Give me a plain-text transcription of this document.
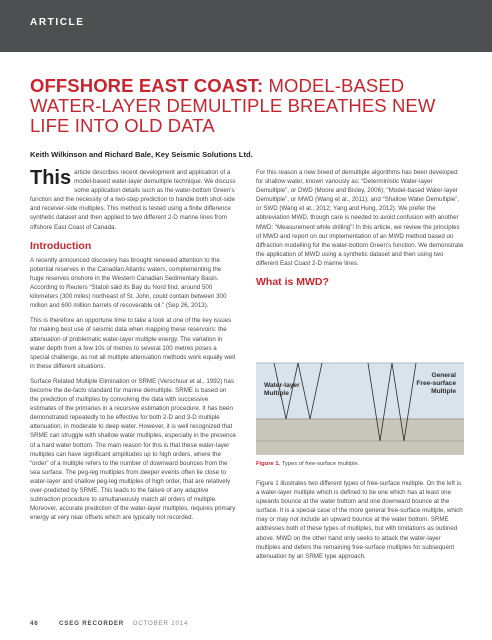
ARTICLE
OFFSHORE EAST COAST: MODEL-BASED WATER-LAYER DEMULTIPLE BREATHES NEW LIFE INTO OLD DATA
Keith Wilkinson and Richard Bale, Key Seismic Solutions Ltd.

This article describes recent development and application of a model-based water-layer demultiple technique. We discuss some application details such as the water-bottom Green’s function and the necessity of a two-step prediction to handle both shot-side and receiver-side multiples. This method is tested using a finite difference synthetic dataset and then applied to two different 2-D marine lines from offshore East Coast of Canada.

Introduction

A recently announced discovery has brought renewed attention to the potential reserves in the Canadian Atlantic waters, complementing the huge reserves onshore in the Western Canadian Sedimentary Basin. According to Reuters “Statoil said its Bay du Nord find, around 500 kilometers (300 miles) northeast of St. John, could contain between 300 million and 600 million barrels of recoverable oil.” (Sep 26, 2013).

This is therefore an opportune time to take a look at one of the key issues for making best use of seismic data when mapping these reservoirs: the attenuation of problematic water-layer multiple energy. The variation in water depth from a few 10s of metres to several 100 metres poses a special challenge, as not all multiple attenuation methods work equally well in these different situations.

Surface Related Multiple Elimination or SRME (Verschuur et al., 1992) has become the de-facto standard for marine demultiple. SRME is based on the prediction of multiples by convolving the data with successive estimates of the primaries in a recursive estimation procedure. It has been demonstrated repeatedly to be effective for both 2-D and 3-D multiple attenuation, in moderate to deep water. However, it is well recognized that SRME can struggle with shallow water multiples, especially in the presence of a hard water bottom. The main reason for this is that these water-layer multiples can have significant amplitudes up to high orders, where the “order” of a multiple refers to the number of downward bounces from the sea surface. The peg-leg multiples from deeper events often lie close to water-layer and shallow peg-leg multiples of high order, that are relatively over-predicted by SRME. This leads to the failure of any adaptive subtraction procedure to simultaneously match all orders of multiple. Moreover, accurate prediction of the water-layer multiples, requires primary energy at very near offsets which are typically not recorded.

For this reason a new breed of demultiple algorithms has been developed for shallow water, known variously as: “Deterministic Water-layer Demultiple”, or DWD (Moore and Bisley, 2006); “Model-based Water-layer Demultiple”, or MWD (Wang et al., 2011); and “Shallow Water Demultiple”, or SWD (Wang et al., 2012; Yang and Hung, 2012). We prefer the abbreviation MWD, though care is needed to avoid confusion with another MWD: “Measurement while drilling”! In this article, we review the principles of MWD and report on our implementation of an MWD method based on diffraction modelling for the water-bottom Green’s function. We demonstrate the application of MWD using a synthetic dataset and then using two different East Coast 2-D marine lines.

What is MWD?
Water-layer
Multiple
General
Free-surface
Multiple
Figure 1. Types of free-surface multiple.

Figure 1 illustrates two different types of free-surface multiple. On the left is a water-layer multiple which is defined to be one which has at least one upwards bounce at the water bottom and one downward bounce at the surface. It is a special case of the more general free-surface multiple, which may or may not include an upward bounce at the water bottom. SRME addresses both of these types of multiples, but with limitations as outlined above. MWD on the other hand only seeks to attack the water-layer multiples and defers the remaining free-surface multiples for subsequent attenuation by an SRME type approach.

46	CSEG RECORDER OCTOBER 2014
